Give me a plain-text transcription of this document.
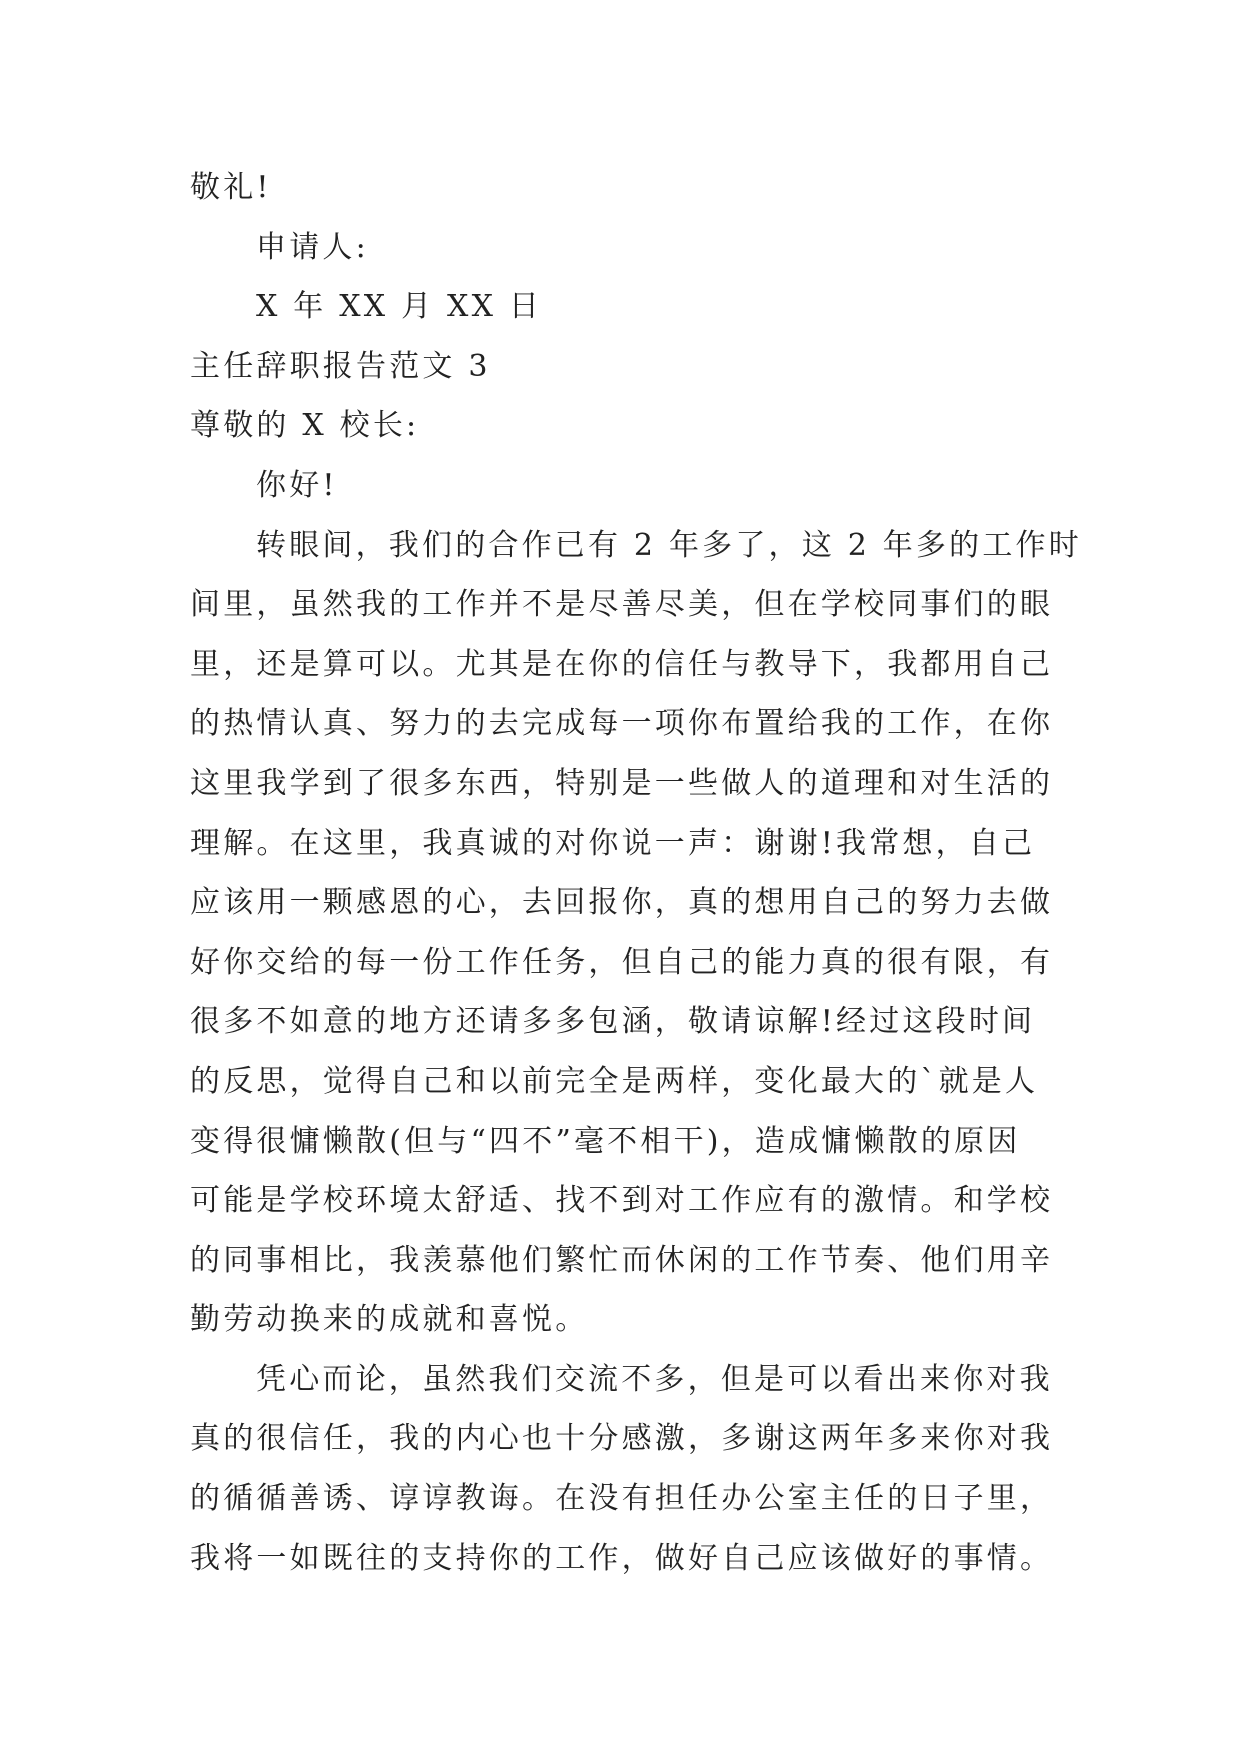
敬礼!
申请人:
X 年 XX 月 XX 日
主任辞职报告范文 3
尊敬的 X 校长:
你好!
转眼间，我们的合作已有 2 年多了，这 2 年多的工作时
间里，虽然我的工作并不是尽善尽美，但在学校同事们的眼
里，还是算可以。尤其是在你的信任与教导下，我都用自己
的热情认真、努力的去完成每一项你布置给我的工作，在你
这里我学到了很多东西，特别是一些做人的道理和对生活的
理解。在这里，我真诚的对你说一声：谢谢!我常想，自己
应该用一颗感恩的心，去回报你，真的想用自己的努力去做
好你交给的每一份工作任务，但自己的能力真的很有限，有
很多不如意的地方还请多多包涵，敬请谅解!经过这段时间
的反思，觉得自己和以前完全是两样，变化最大的`就是人
变得很慵懒散(但与“四不”毫不相干)，造成慵懒散的原因
可能是学校环境太舒适、找不到对工作应有的激情。和学校
的同事相比，我羡慕他们繁忙而休闲的工作节奏、他们用辛
勤劳动换来的成就和喜悦。
凭心而论，虽然我们交流不多，但是可以看出来你对我
真的很信任，我的内心也十分感激，多谢这两年多来你对我
的循循善诱、谆谆教诲。在没有担任办公室主任的日子里，
我将一如既往的支持你的工作，做好自己应该做好的事情。
